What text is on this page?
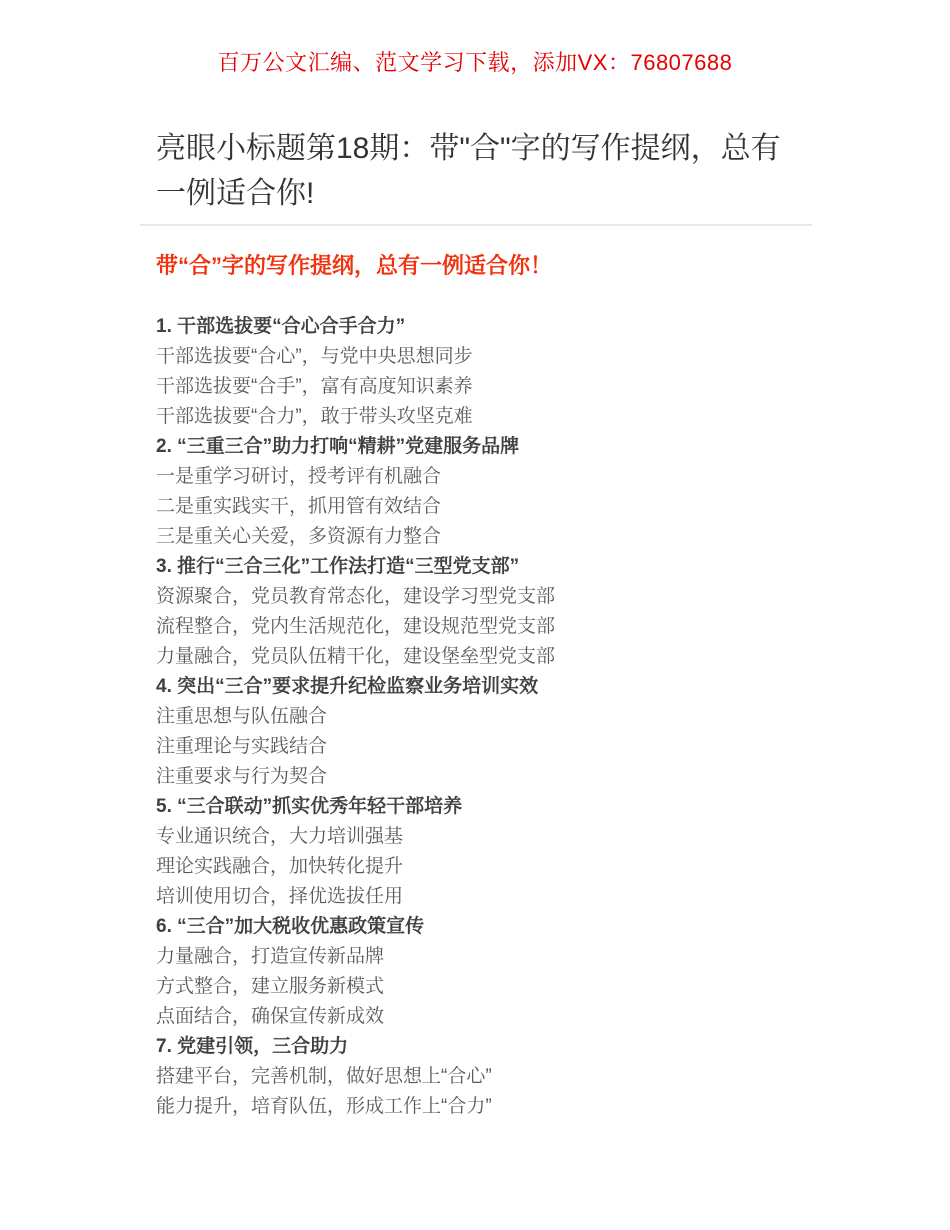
百万公文汇编、范文学习下载，添加VX：76807688
亮眼小标题第18期：带"合"字的写作提纲，总有一例适合你!
带“合”字的写作提纲，总有一例适合你！

1. 干部选拔要“合心合手合力”

干部选拔要“合心”，与党中央思想同步

干部选拔要“合手”，富有高度知识素养

干部选拔要“合力”，敢于带头攻坚克难

2. “三重三合”助力打响“精耕”党建服务品牌

一是重学习研讨，授考评有机融合

二是重实践实干，抓用管有效结合

三是重关心关爱，多资源有力整合

3. 推行“三合三化”工作法打造“三型党支部”

资源聚合，党员教育常态化，建设学习型党支部

流程整合，党内生活规范化，建设规范型党支部

力量融合，党员队伍精干化，建设堡垒型党支部

4. 突出“三合”要求提升纪检监察业务培训实效

注重思想与队伍融合

注重理论与实践结合

注重要求与行为契合

5. “三合联动”抓实优秀年轻干部培养

专业通识统合，大力培训强基

理论实践融合，加快转化提升

培训使用切合，择优选拔任用

6. “三合”加大税收优惠政策宣传

力量融合，打造宣传新品牌

方式整合，建立服务新模式

点面结合，确保宣传新成效

7. 党建引领，三合助力

搭建平台，完善机制，做好思想上“合心”

能力提升，培育队伍，形成工作上“合力”
